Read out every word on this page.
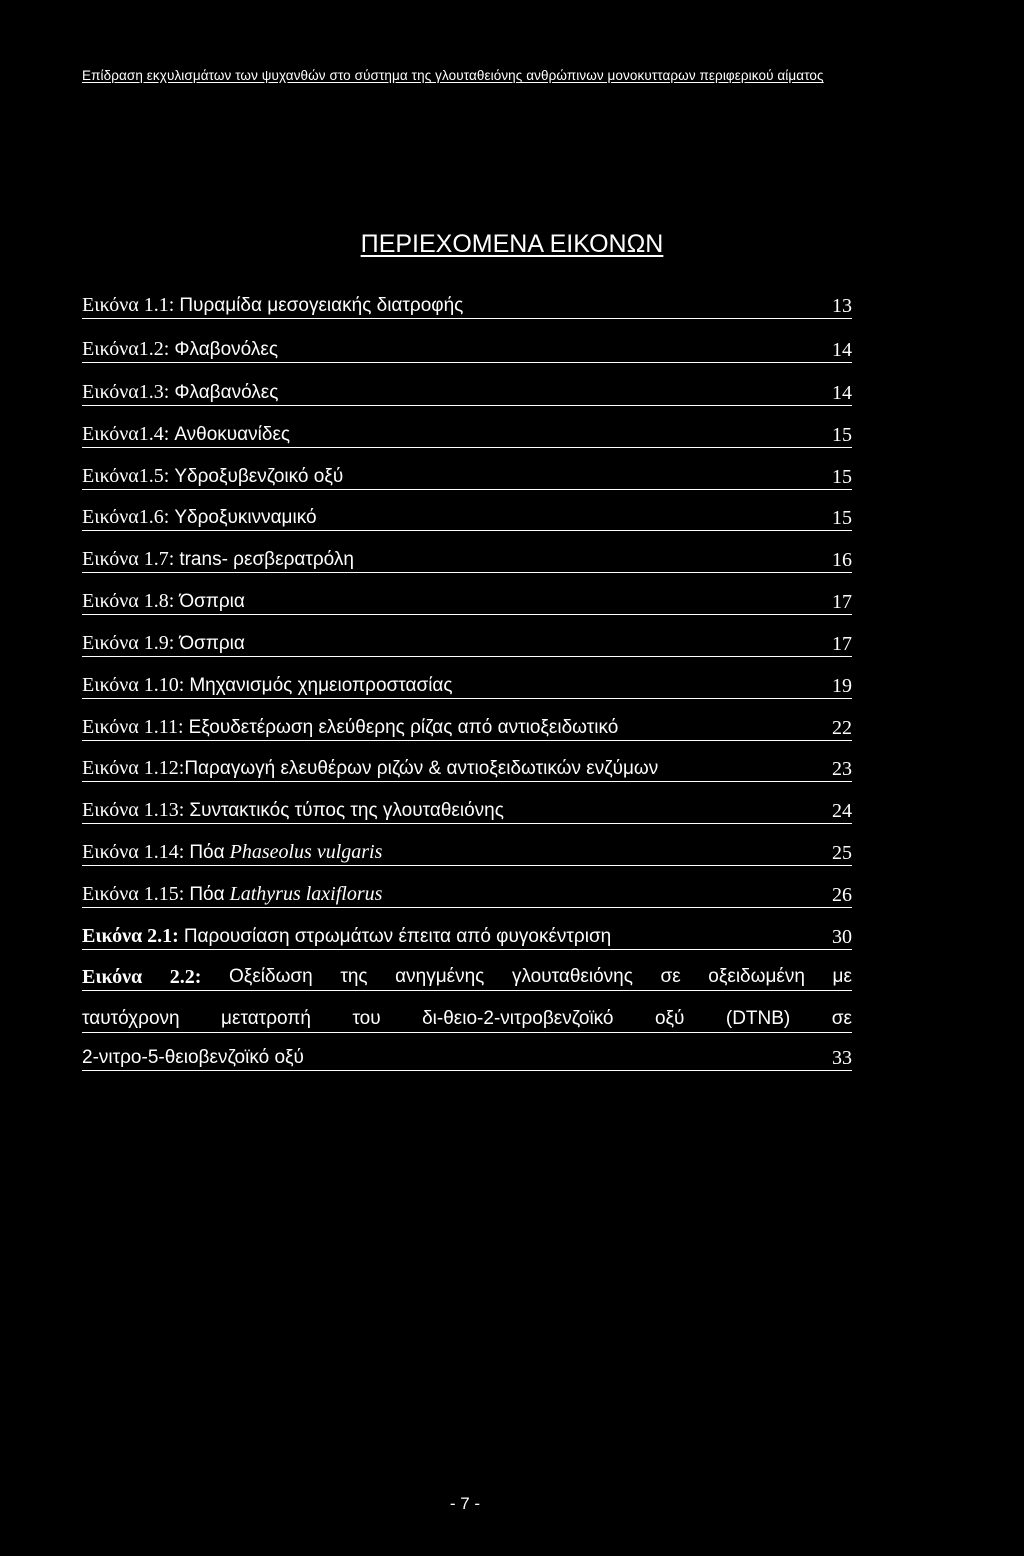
Επίδραση εκχυλισμάτων των ψυχανθών στο σύστημα της γλουταθειόνης ανθρώπινων μονοκυτταρων περιφερικού αίματος
ΠΕΡΙΕΧΟΜΕΝΑ ΕΙΚΟΝΩΝ
Εικόνα 1.1: Πυραμίδα μεσογειακής διατροφής	13
Εικόνα1.2: Φλαβονόλες	14
Εικόνα1.3: Φλαβανόλες	14
Εικόνα1.4: Ανθοκυανίδες	15
Εικόνα1.5: Υδροξυβενζοικό οξύ	15
Εικόνα1.6: Υδροξυκινναμικό	15
Εικόνα 1.7: trans- ρεσβερατρόλη	16
Εικόνα 1.8: Όσπρια	17
Εικόνα 1.9: Όσπρια	17
Εικόνα 1.10: Μηχανισμός χημειοπροστασίας	19
Εικόνα 1.11: Εξουδετέρωση ελεύθερης ρίζας από αντιοξειδωτικό	22
Εικόνα 1.12:Παραγωγή ελευθέρων ριζών & αντιοξειδωτικών ενζύμων	23
Εικόνα 1.13: Συντακτικός τύπος της γλουταθειόνης	24
Εικόνα 1.14: Πόα Phaseolus vulgaris	25
Εικόνα 1.15: Πόα Lathyrus laxiflorus	26
Εικόνα 2.1: Παρουσίαση στρωμάτων έπειτα από φυγοκέντριση	30
Εικόνα 2.2: Οξείδωση της ανηγμένης γλουταθειόνης σε οξειδωμένη με
ταυτόχρονη μετατροπή του δι-θειο-2-νιτροβενζοϊκό οξύ (DTNB) σε
2-νιτρο-5-θειοβενζοϊκό οξύ	33
- 7 -
